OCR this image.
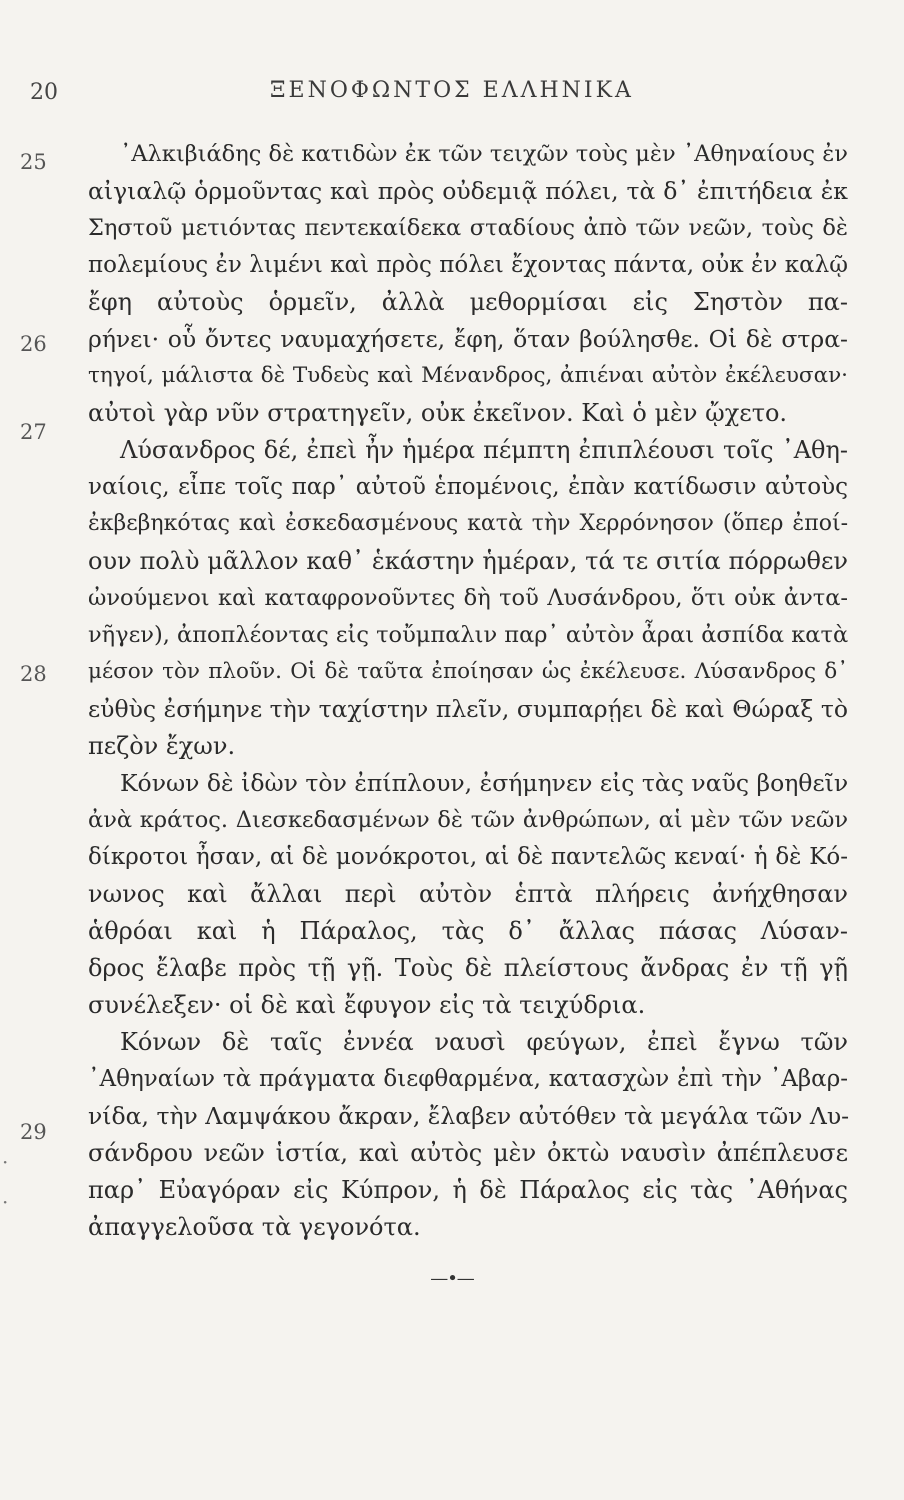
20	ΞΕΝΟΦΩΝΤΟΣ ΕΛΛΗΝΙΚΑ
25
26
27
28
29
᾿Αλκιβιάδης δὲ κατιδὼν ἐκ τῶν τειχῶν τοὺς μὲν ᾿Αθηναίους ἐν
αἰγιαλῷ ὁρμοῦντας καὶ πρὸς οὐδεμιᾷ πόλει, τὰ δ᾿ ἐπιτήδεια ἐκ
Σηστοῦ μετιόντας πεντεκαίδεκα σταδίους ἀπὸ τῶν νεῶν, τοὺς δὲ
πολεμίους ἐν λιμένι καὶ πρὸς πόλει ἔχοντας πάντα, οὐκ ἐν καλῷ
ἔφη αὐτοὺς ὁρμεῖν, ἀλλὰ μεθορμίσαι εἰς Σηστὸν πα-
ρήνει· οὗ ὄντες ναυμαχήσετε, ἔφη, ὅταν βούλησθε. Οἱ δὲ στρα-
τηγοί, μάλιστα δὲ Τυδεὺς καὶ Μένανδρος, ἀπιέναι αὐτὸν ἐκέλευσαν·
αὐτοὶ γὰρ νῦν στρατηγεῖν, οὐκ ἐκεῖνον. Καὶ ὁ μὲν ᾤχετο.
Λύσανδρος δέ, ἐπεὶ ἦν ἡμέρα πέμπτη ἐπιπλέουσι τοῖς ᾿Αθη-
ναίοις, εἶπε τοῖς παρ᾿ αὐτοῦ ἑπομένοις, ἐπὰν κατίδωσιν αὐτοὺς
ἐκβεβηκότας καὶ ἐσκεδασμένους κατὰ τὴν Χερρόνησον (ὅπερ ἐποί-
ουν πολὺ μᾶλλον καθ᾿ ἑκάστην ἡμέραν, τά τε σιτία πόρρωθεν
ὠνούμενοι καὶ καταφρονοῦντες δὴ τοῦ Λυσάνδρου, ὅτι οὐκ ἀντα-
νῆγεν), ἀποπλέοντας εἰς τοὔμπαλιν παρ᾿ αὐτὸν ἆραι ἀσπίδα κατὰ
μέσον τὸν πλοῦν. Οἱ δὲ ταῦτα ἐποίησαν ὡς ἐκέλευσε. Λύσανδρος δ᾿
εὐθὺς ἐσήμηνε τὴν ταχίστην πλεῖν, συμπαρῄει δὲ καὶ Θώραξ τὸ
πεζὸν ἔχων.
Κόνων δὲ ἰδὼν τὸν ἐπίπλουν, ἐσήμηνεν εἰς τὰς ναῦς βοηθεῖν
ἀνὰ κράτος. Διεσκεδασμένων δὲ τῶν ἀνθρώπων, αἱ μὲν τῶν νεῶν
δίκροτοι ἦσαν, αἱ δὲ μονόκροτοι, αἱ δὲ παντελῶς κεναί· ἡ δὲ Κό-
νωνος καὶ ἄλλαι περὶ αὐτὸν ἑπτὰ πλήρεις ἀνήχθησαν
ἁθρόαι καὶ ἡ Πάραλος, τὰς δ᾿ ἄλλας πάσας Λύσαν-
δρος ἔλαβε πρὸς τῇ γῇ. Τοὺς δὲ πλείστους ἄνδρας ἐν τῇ γῇ
συνέλεξεν· οἱ δὲ καὶ ἔφυγον εἰς τὰ τειχύδρια.
Κόνων δὲ ταῖς ἐννέα ναυσὶ φεύγων, ἐπεὶ ἔγνω τῶν
᾿Αθηναίων τὰ πράγματα διεφθαρμένα, κατασχὼν ἐπὶ τὴν ᾿Αβαρ-
νίδα, τὴν Λαμψάκου ἄκραν, ἔλαβεν αὐτόθεν τὰ μεγάλα τῶν Λυ-
σάνδρου νεῶν ἱστία, καὶ αὐτὸς μὲν ὀκτὼ ναυσὶν ἀπέπλευσε
παρ᾿ Εὐαγόραν εἰς Κύπρον, ἡ δὲ Πάραλος εἰς τὰς ᾿Αθήνας
ἀπαγγελοῦσα τὰ γεγονότα.
·
·
—•—
